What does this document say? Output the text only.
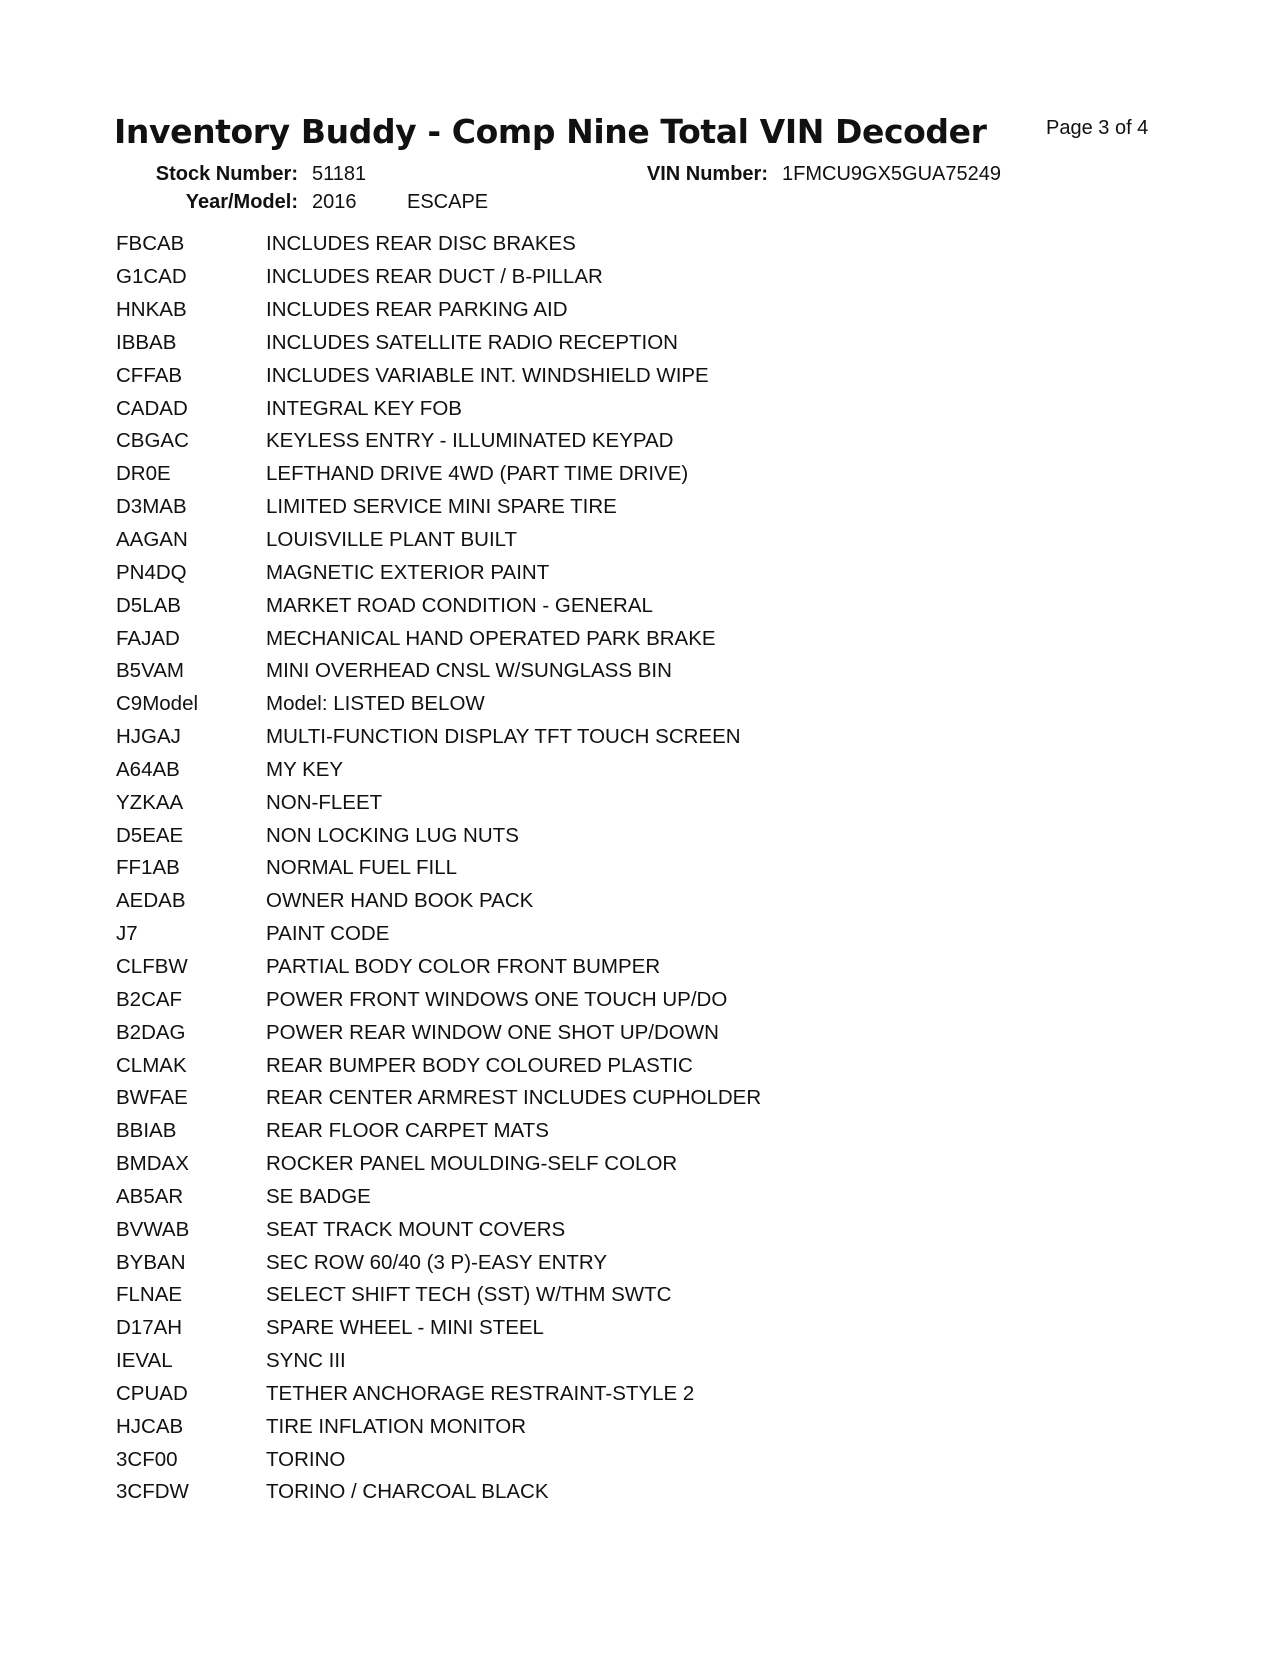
Inventory Buddy - Comp Nine Total VIN Decoder	Page 3 of 4
Stock Number: 51181
Year/Model: 2016	ESCAPE
VIN Number: 1FMCU9GX5GUA75249
FBCAB	INCLUDES REAR DISC BRAKES
G1CAD	INCLUDES REAR DUCT / B-PILLAR
HNKAB	INCLUDES REAR PARKING AID
IBBAB	INCLUDES SATELLITE RADIO RECEPTION
CFFAB	INCLUDES VARIABLE INT. WINDSHIELD WIPE
CADAD	INTEGRAL KEY FOB
CBGAC	KEYLESS ENTRY - ILLUMINATED KEYPAD
DR0E	LEFTHAND DRIVE 4WD (PART TIME DRIVE)
D3MAB	LIMITED SERVICE MINI SPARE TIRE
AAGAN	LOUISVILLE PLANT BUILT
PN4DQ	MAGNETIC EXTERIOR PAINT
D5LAB	MARKET ROAD CONDITION - GENERAL
FAJAD	MECHANICAL HAND OPERATED PARK BRAKE
B5VAM	MINI OVERHEAD CNSL W/SUNGLASS BIN
C9Model	Model: LISTED BELOW
HJGAJ	MULTI-FUNCTION DISPLAY TFT TOUCH SCREEN
A64AB	MY KEY
YZKAA	NON-FLEET
D5EAE	NON LOCKING LUG NUTS
FF1AB	NORMAL FUEL FILL
AEDAB	OWNER HAND BOOK PACK
J7	PAINT CODE
CLFBW	PARTIAL BODY COLOR FRONT BUMPER
B2CAF	POWER FRONT WINDOWS ONE TOUCH UP/DO
B2DAG	POWER REAR WINDOW ONE SHOT UP/DOWN
CLMAK	REAR BUMPER BODY COLOURED PLASTIC
BWFAE	REAR CENTER ARMREST INCLUDES CUPHOLDER
BBIAB	REAR FLOOR CARPET MATS
BMDAX	ROCKER PANEL MOULDING-SELF COLOR
AB5AR	SE BADGE
BVWAB	SEAT TRACK MOUNT COVERS
BYBAN	SEC ROW 60/40 (3 P)-EASY ENTRY
FLNAE	SELECT SHIFT TECH (SST) W/THM SWTC
D17AH	SPARE WHEEL - MINI STEEL
IEVAL	SYNC III
CPUAD	TETHER ANCHORAGE RESTRAINT-STYLE 2
HJCAB	TIRE INFLATION MONITOR
3CF00	TORINO
3CFDW	TORINO / CHARCOAL BLACK
